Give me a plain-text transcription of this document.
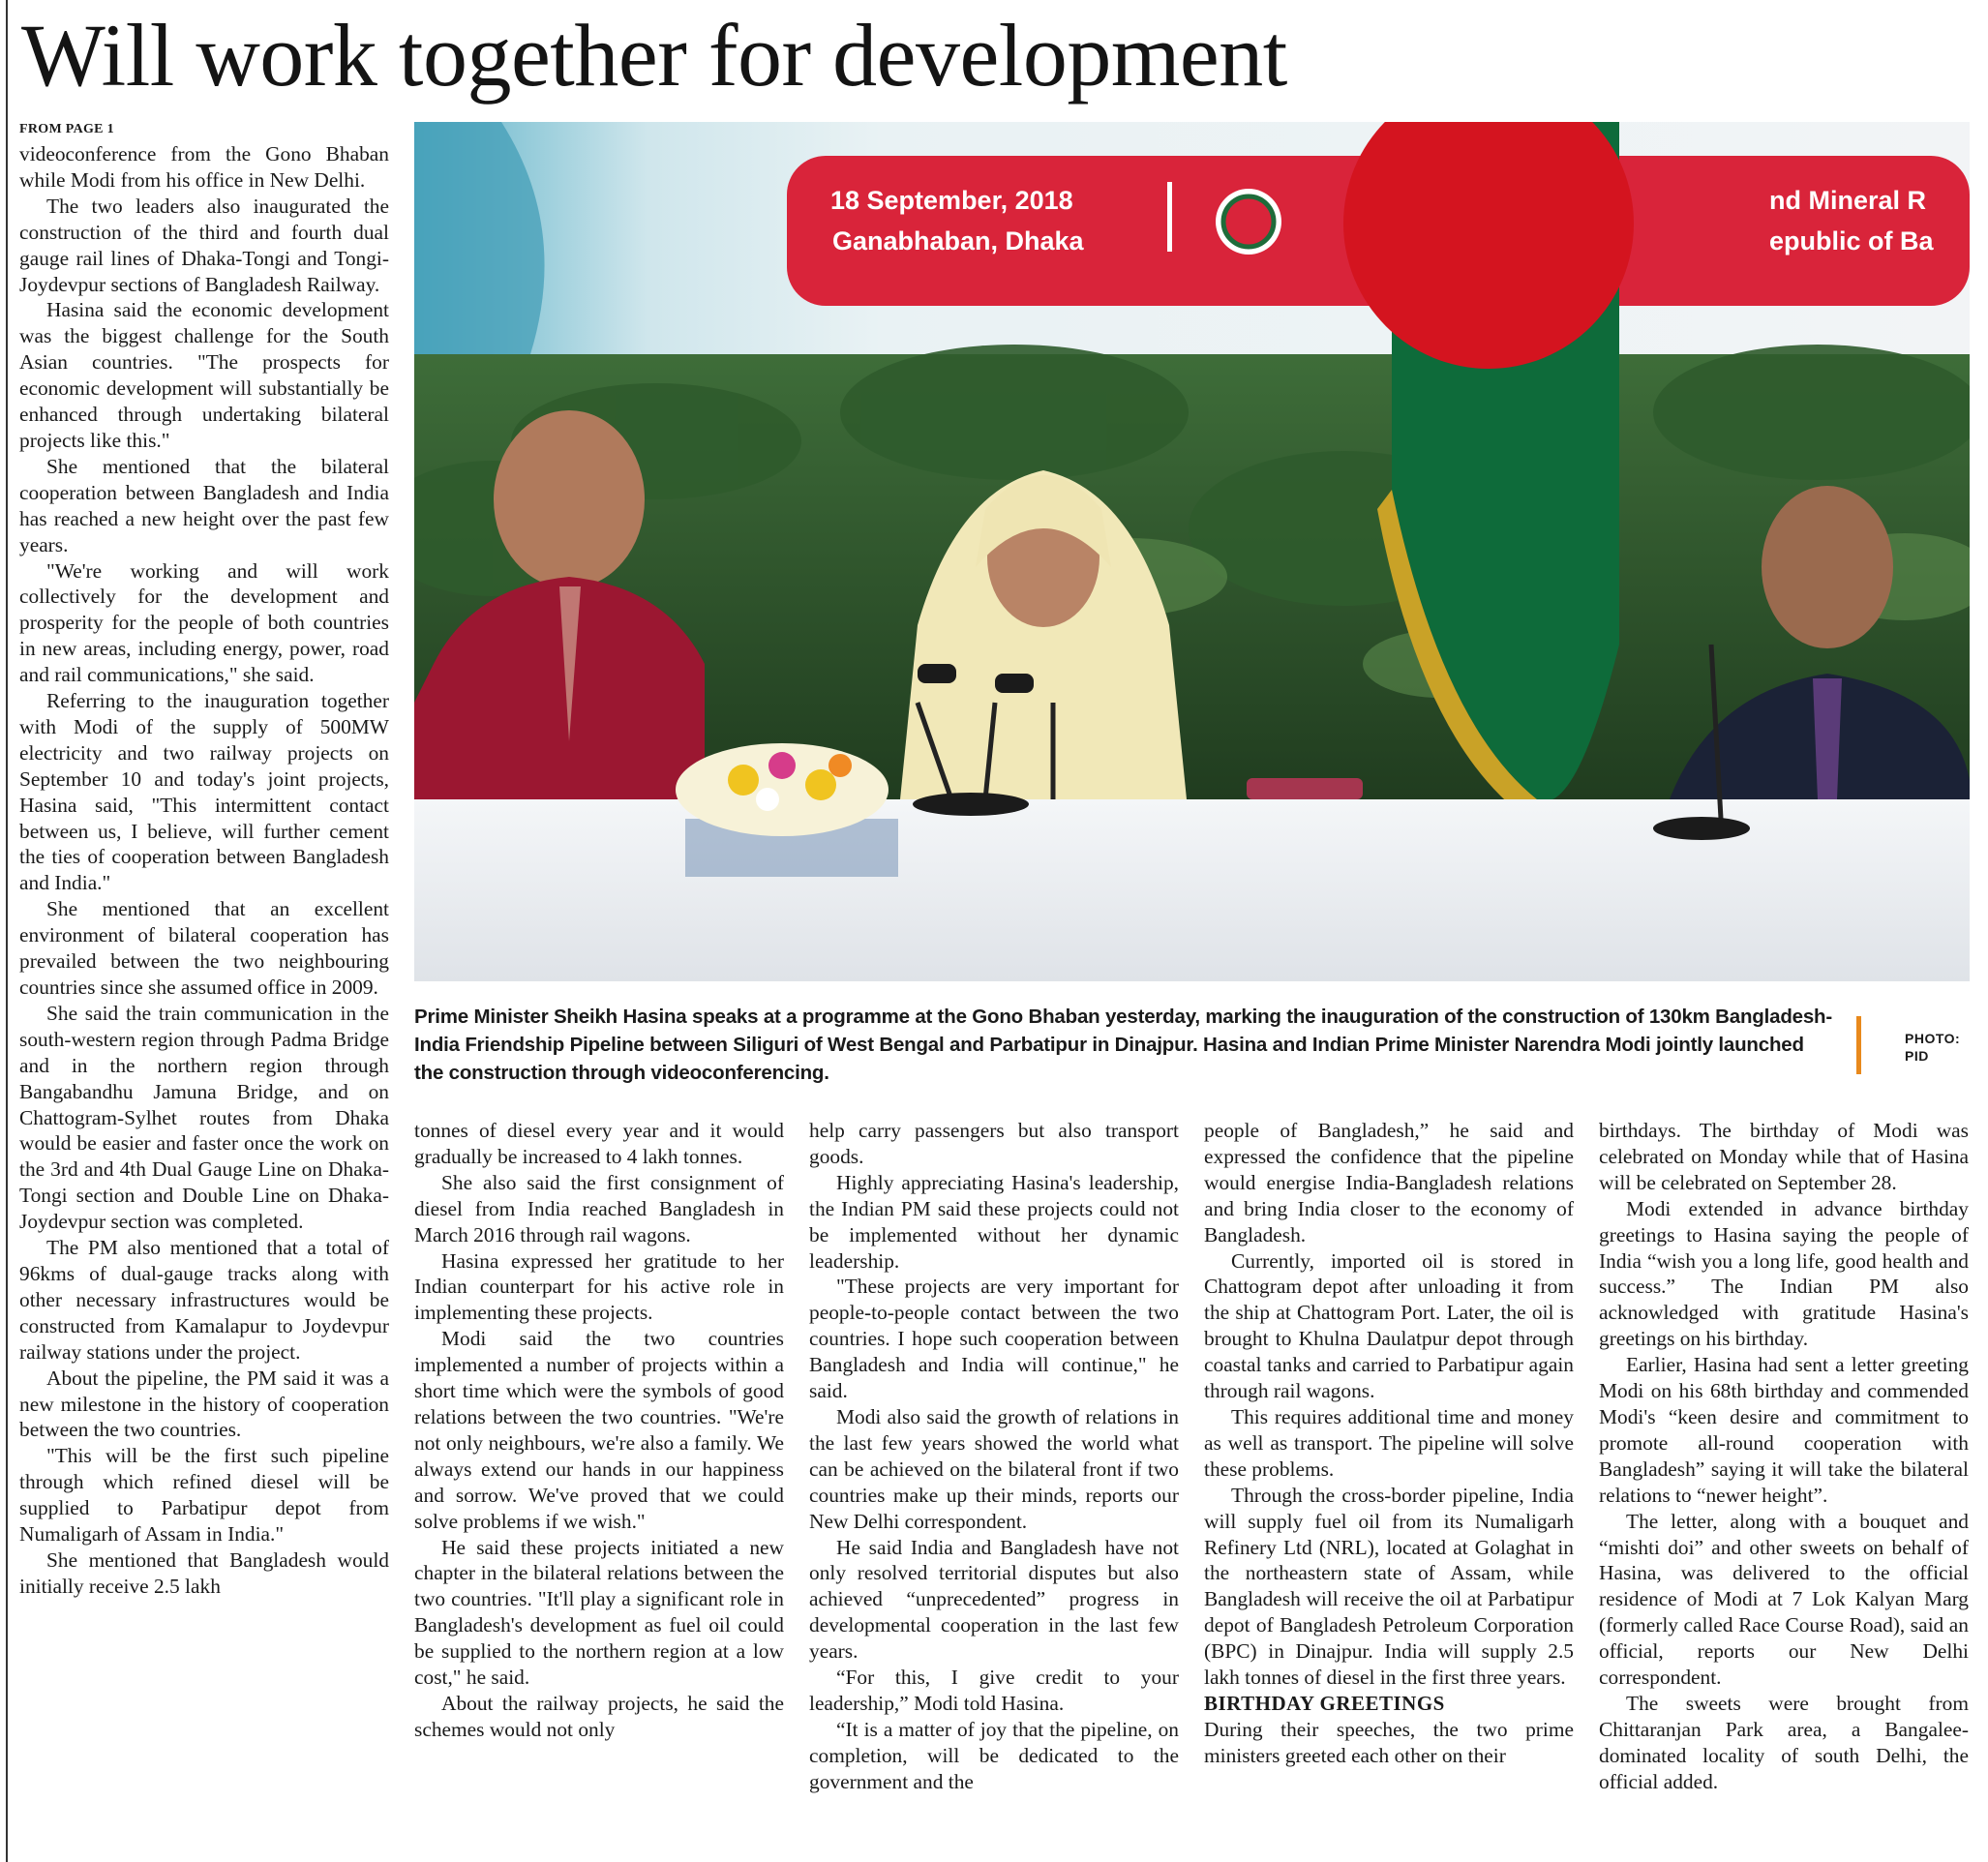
Will work together for development
FROM PAGE 1

videoconference from the Gono Bhaban while Modi from his office in New Delhi.

The two leaders also inaugurated the construction of the third and fourth dual gauge rail lines of Dhaka-Tongi and Tongi-Joydevpur sections of Bangladesh Railway.

Hasina said the economic development was the biggest challenge for the South Asian countries. "The prospects for economic development will substantially be enhanced through undertaking bilateral projects like this."

She mentioned that the bilateral cooperation between Bangladesh and India has reached a new height over the past few years.

"We're working and will work collectively for the development and prosperity for the people of both countries in new areas, including energy, power, road and rail communications," she said.

Referring to the inauguration together with Modi of the supply of 500MW electricity and two railway projects on September 10 and today's joint projects, Hasina said, "This intermittent contact between us, I believe, will further cement the ties of cooperation between Bangladesh and India."

She mentioned that an excellent environment of bilateral cooperation has prevailed between the two neighbouring countries since she assumed office in 2009.

She said the train communication in the south-western region through Padma Bridge and in the northern region through Bangabandhu Jamuna Bridge, and on Chattogram-Sylhet routes from Dhaka would be easier and faster once the work on the 3rd and 4th Dual Gauge Line on Dhaka-Tongi section and Double Line on Dhaka-Joydevpur section was completed.

The PM also mentioned that a total of 96kms of dual-gauge tracks along with other necessary infrastructures would be constructed from Kamalapur to Joydevpur railway stations under the project.

About the pipeline, the PM said it was a new milestone in the history of cooperation between the two countries.

"This will be the first such pipeline through which refined diesel will be supplied to Parbatipur depot from Numaligarh of Assam in India."

She mentioned that Bangladesh would initially receive 2.5 lakh

18 September, 2018
Ganabhaban, Dhaka
nd Mineral R
epublic of Ba
Prime Minister Sheikh Hasina speaks at a programme at the Gono Bhaban yesterday, marking the inauguration of the construction of 130km Bangladesh-India Friendship Pipeline between Siliguri of West Bengal and Parbatipur in Dinajpur. Hasina and Indian Prime Minister Narendra Modi jointly launched the construction through videoconferencing.
PHOTO:
PID

tonnes of diesel every year and it would gradually be increased to 4 lakh tonnes.

She also said the first consignment of diesel from India reached Bangladesh in March 2016 through rail wagons.

Hasina expressed her gratitude to her Indian counterpart for his active role in implementing these projects.

Modi said the two countries implemented a number of projects within a short time which were the symbols of good relations between the two countries. "We're not only neighbours, we're also a family. We always extend our hands in our happiness and sorrow. We've proved that we could solve problems if we wish."

He said these projects initiated a new chapter in the bilateral relations between the two countries. "It'll play a significant role in Bangladesh's development as fuel oil could be supplied to the northern region at a low cost," he said.

About the railway projects, he said the schemes would not only

help carry passengers but also transport goods.

Highly appreciating Hasina's leadership, the Indian PM said these projects could not be implemented without her dynamic leadership.

"These projects are very important for people-to-people contact between the two countries. I hope such cooperation between Bangladesh and India will continue," he said.

Modi also said the growth of relations in the last few years showed the world what can be achieved on the bilateral front if two countries make up their minds, reports our New Delhi correspondent.

He said India and Bangladesh have not only resolved territorial disputes but also achieved “unprecedented” progress in developmental cooperation in the last few years.

“For this, I give credit to your leadership,” Modi told Hasina.

“It is a matter of joy that the pipeline, on completion, will be dedicated to the government and the

people of Bangladesh,” he said and expressed the confidence that the pipeline would energise India-Bangladesh relations and bring India closer to the economy of Bangladesh.

Currently, imported oil is stored in Chattogram depot after unloading it from the ship at Chattogram Port. Later, the oil is brought to Khulna Daulatpur depot through coastal tanks and carried to Parbatipur again through rail wagons.

This requires additional time and money as well as transport. The pipeline will solve these problems.

Through the cross-border pipeline, India will supply fuel oil from its Numaligarh Refinery Ltd (NRL), located at Golaghat in the northeastern state of Assam, while Bangladesh will receive the oil at Parbatipur depot of Bangladesh Petroleum Corporation (BPC) in Dinajpur. India will supply 2.5 lakh tonnes of diesel in the first three years.

BIRTHDAY GREETINGS

During their speeches, the two prime ministers greeted each other on their

birthdays. The birthday of Modi was celebrated on Monday while that of Hasina will be celebrated on September 28.

Modi extended in advance birthday greetings to Hasina saying the people of India “wish you a long life, good health and success.” The Indian PM also acknowledged with gratitude Hasina's greetings on his birthday.

Earlier, Hasina had sent a letter greeting Modi on his 68th birthday and commended Modi's “keen desire and commitment to promote all-round cooperation with Bangladesh” saying it will take the bilateral relations to “newer height”.

The letter, along with a bouquet and “mishti doi” and other sweets on behalf of Hasina, was delivered to the official residence of Modi at 7 Lok Kalyan Marg (formerly called Race Course Road), said an official, reports our New Delhi correspondent.

The sweets were brought from Chittaranjan Park area, a Bangalee-dominated locality of south Delhi, the official added.
